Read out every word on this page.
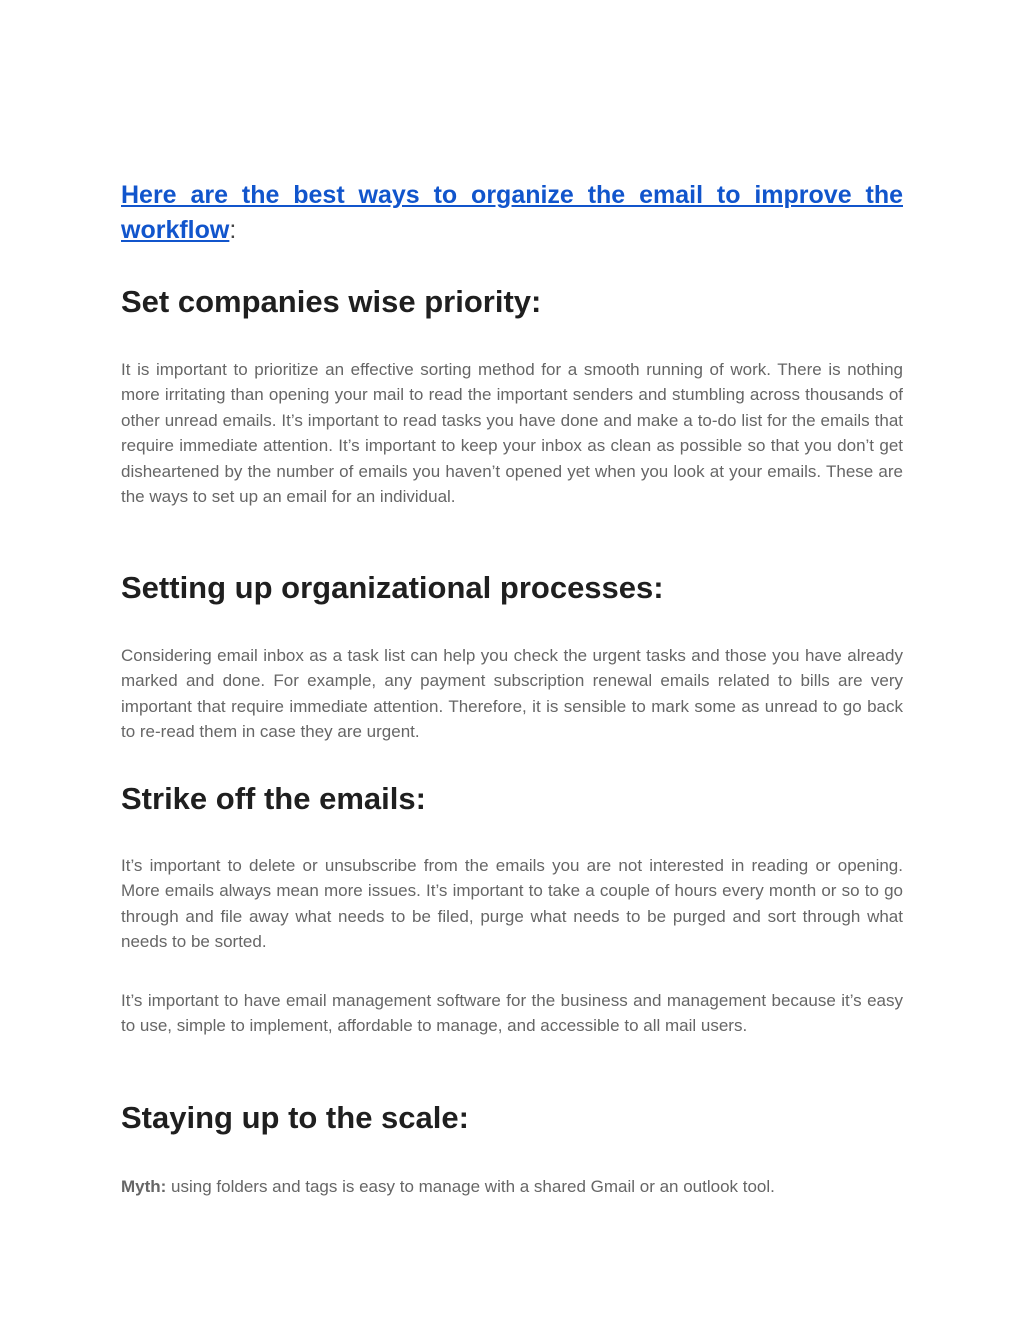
Here are the best ways to organize the email to improve the workflow:

Set companies wise priority:

It is important to prioritize an effective sorting method for a smooth running of work. There is nothing more irritating than opening your mail to read the important senders and stumbling across thousands of other unread emails. It’s important to read tasks you have done and make a to-do list for the emails that require immediate attention. It’s important to keep your inbox as clean as possible so that you don’t get disheartened by the number of emails you haven’t opened yet when you look at your emails. These are the ways to set up an email for an individual.

Setting up organizational processes:

Considering email inbox as a task list can help you check the urgent tasks and those you have already marked and done. For example, any payment subscription renewal emails related to bills are very important that require immediate attention. Therefore, it is sensible to mark some as unread to go back to re-read them in case they are urgent.

Strike off the emails:

It’s important to delete or unsubscribe from the emails you are not interested in reading or opening. More emails always mean more issues. It’s important to take a couple of hours every month or so to go through and file away what needs to be filed, purge what needs to be purged and sort through what needs to be sorted.

It’s important to have email management software for the business and management because it’s easy to use, simple to implement, affordable to manage, and accessible to all mail users.

Staying up to the scale:

Myth: using folders and tags is easy to manage with a shared Gmail or an outlook tool.
